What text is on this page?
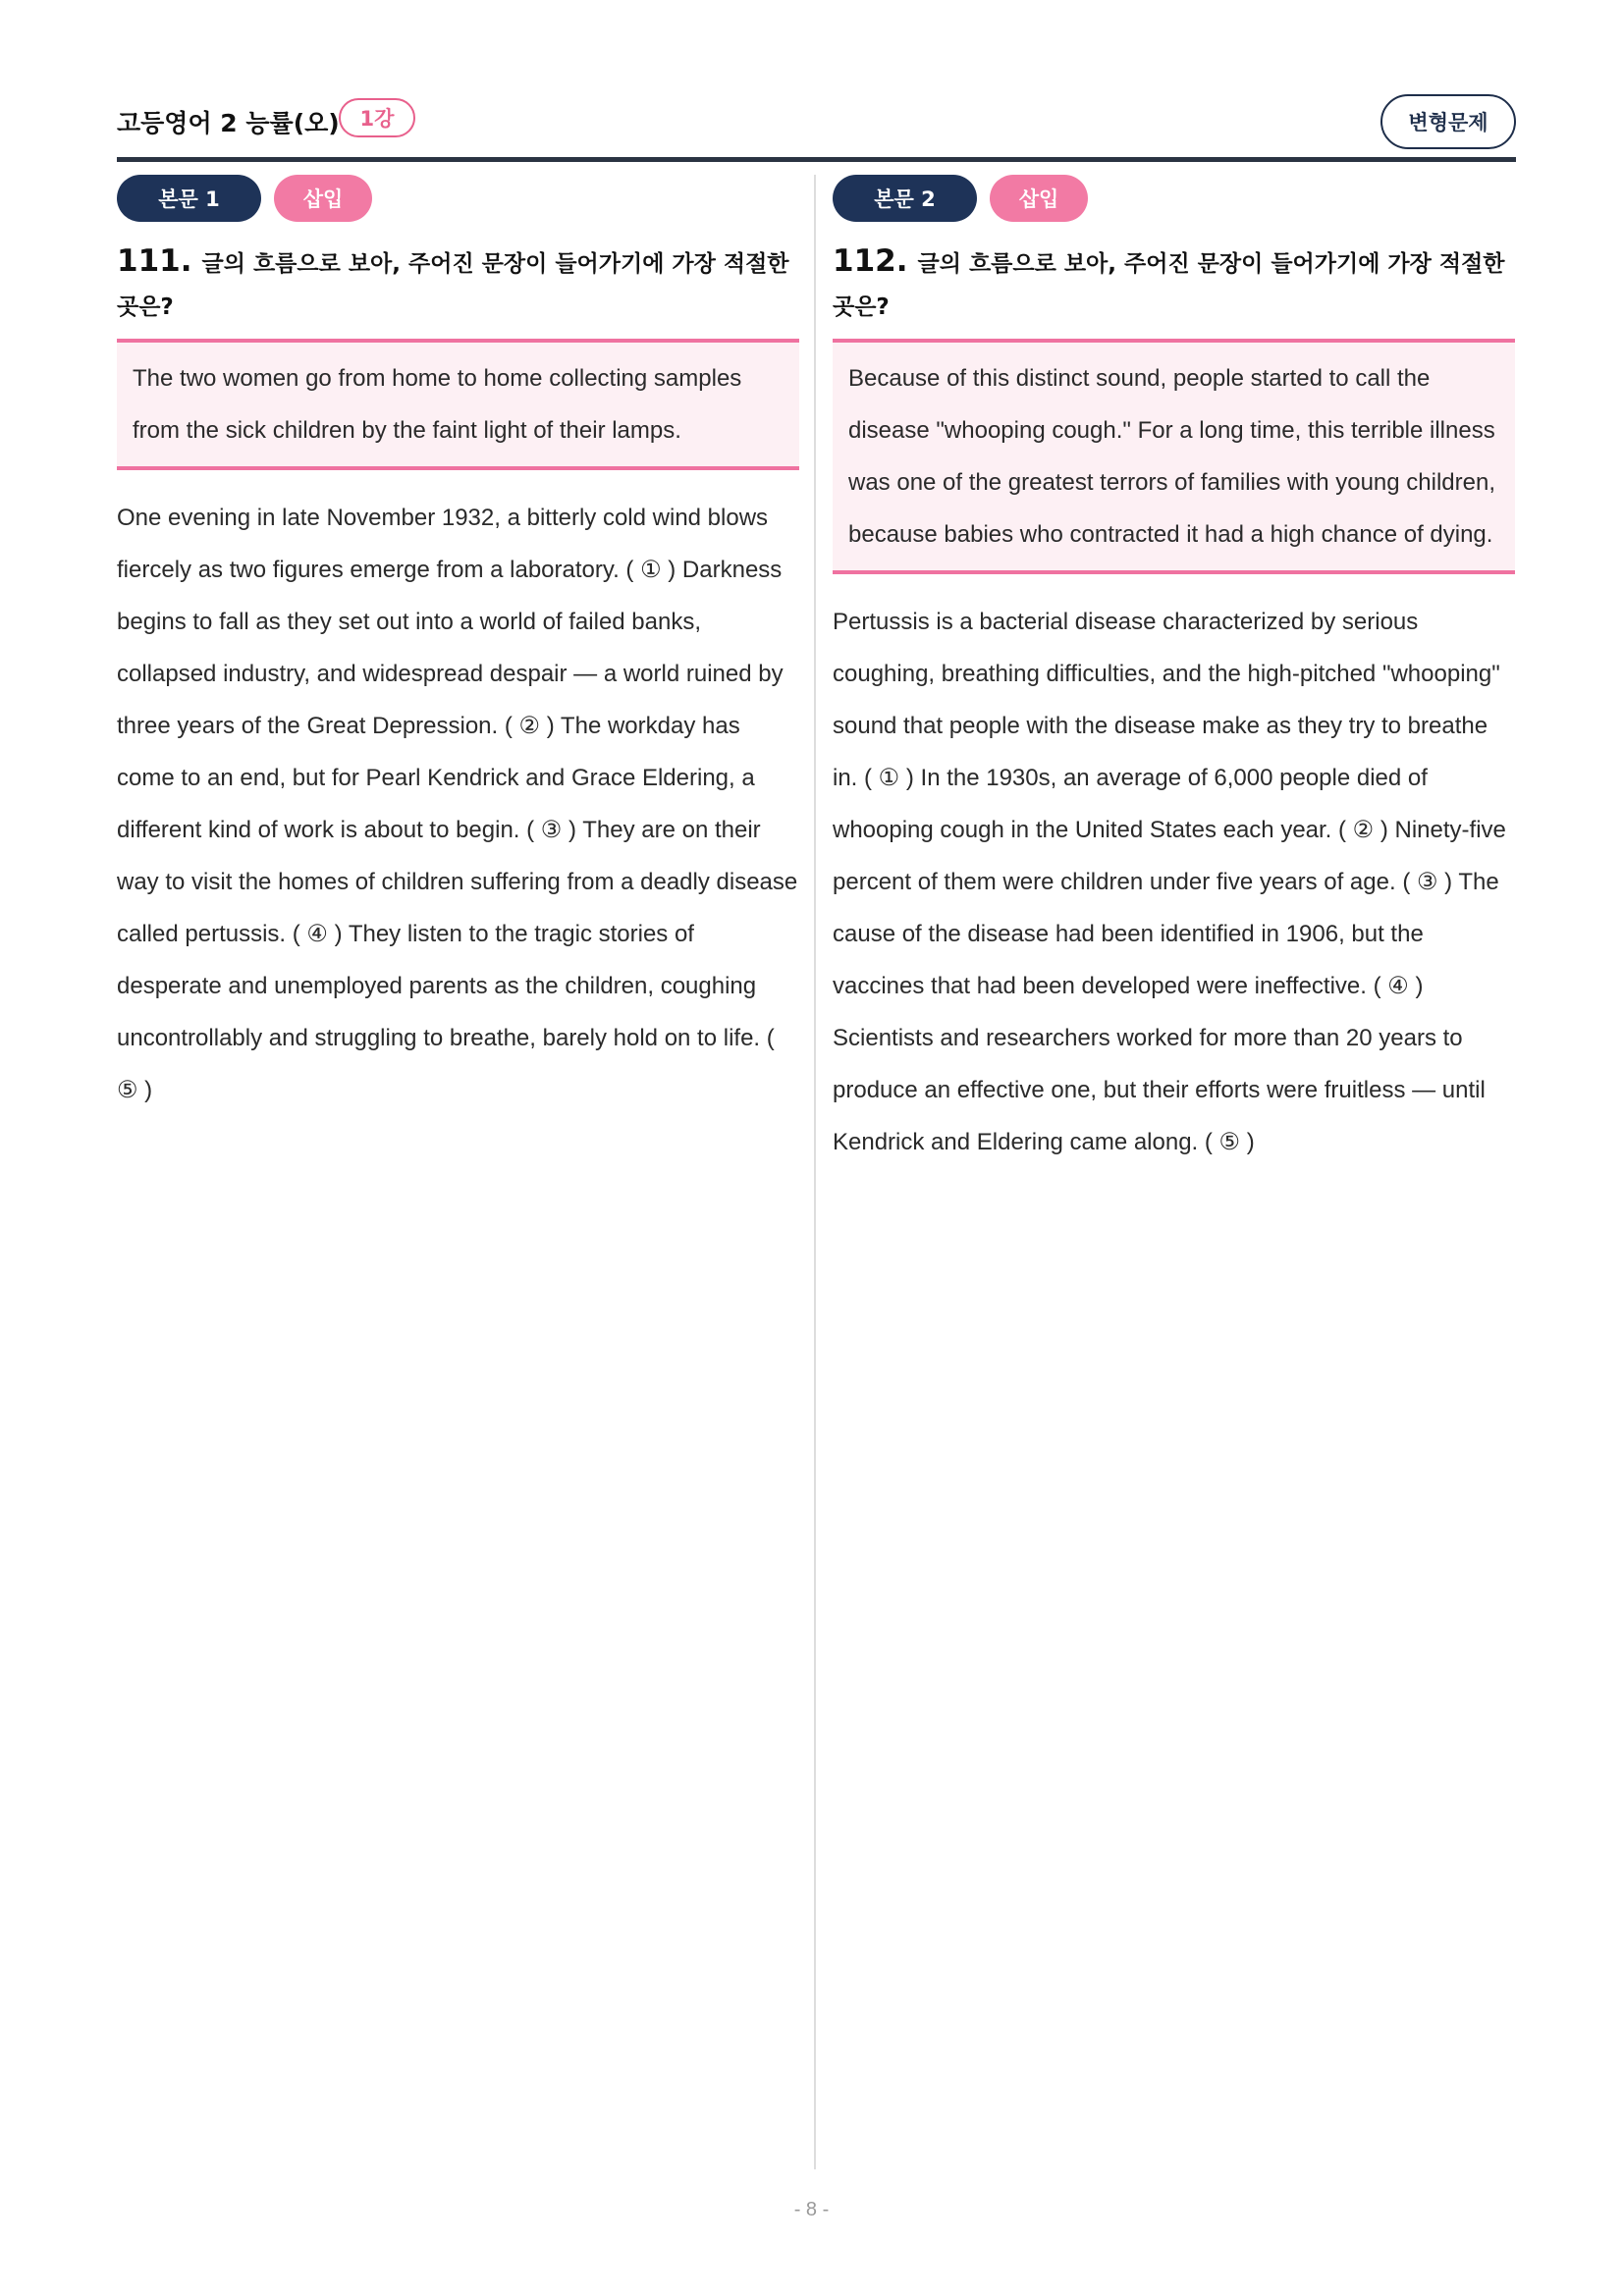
고등영어 2 능률(오) 1강	변형문제
본문 1	삽입
111. 글의 흐름으로 보아, 주어진 문장이 들어가기에 가장 적절한 곳은?
The two women go from home to home collecting samples from the sick children by the faint light of their lamps.
One evening in late November 1932, a bitterly cold wind blows fiercely as two figures emerge from a laboratory. ( ① ) Darkness begins to fall as they set out into a world of failed banks, collapsed industry, and widespread despair — a world ruined by three years of the Great Depression. ( ② ) The workday has come to an end, but for Pearl Kendrick and Grace Eldering, a different kind of work is about to begin. ( ③ ) They are on their way to visit the homes of children suffering from a deadly disease called pertussis. ( ④ ) They listen to the tragic stories of desperate and unemployed parents as the children, coughing uncontrollably and struggling to breathe, barely hold on to life. ( ⑤ )
본문 2	삽입
112. 글의 흐름으로 보아, 주어진 문장이 들어가기에 가장 적절한 곳은?
Because of this distinct sound, people started to call the disease "whooping cough." For a long time, this terrible illness was one of the greatest terrors of families with young children, because babies who contracted it had a high chance of dying.
Pertussis is a bacterial disease characterized by serious coughing, breathing difficulties, and the high-pitched "whooping" sound that people with the disease make as they try to breathe in. ( ① ) In the 1930s, an average of 6,000 people died of whooping cough in the United States each year. ( ② ) Ninety-five percent of them were children under five years of age. ( ③ ) The cause of the disease had been identified in 1906, but the vaccines that had been developed were ineffective. ( ④ ) Scientists and researchers worked for more than 20 years to produce an effective one, but their efforts were fruitless — until Kendrick and Eldering came along. ( ⑤ )
- 8 -
